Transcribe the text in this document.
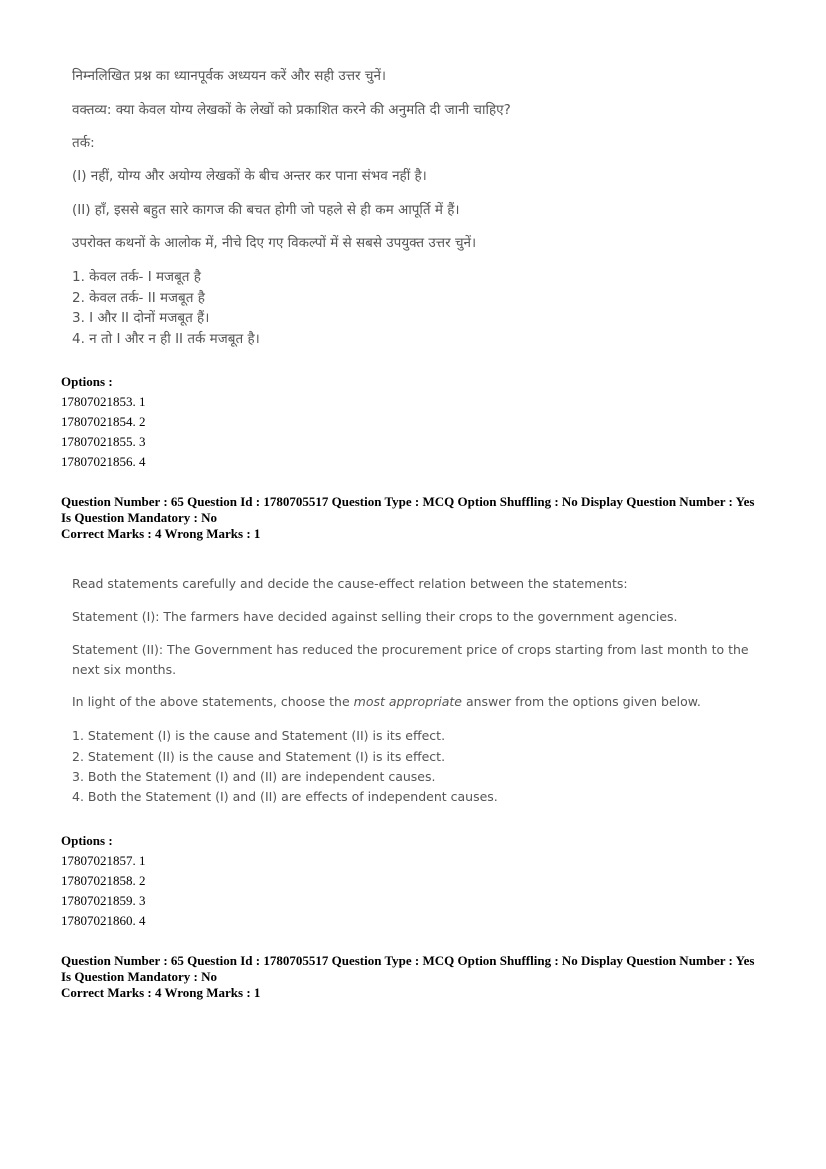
निम्नलिखित प्रश्न का ध्यानपूर्वक अध्ययन करें और सही उत्तर चुनें।
वक्तव्य: क्या केवल योग्य लेखकों के लेखों को प्रकाशित करने की अनुमति दी जानी चाहिए?
तर्क:
(I) नहीं, योग्य और अयोग्य लेखकों के बीच अन्तर कर पाना संभव नहीं है।
(II) हाँ, इससे बहुत सारे कागज की बचत होगी जो पहले से ही कम आपूर्ति में हैं।
उपरोक्त कथनों के आलोक में, नीचे दिए गए विकल्पों में से सबसे उपयुक्त उत्तर चुनें।
1. केवल तर्क- I मजबूत है
2. केवल तर्क- II मजबूत है
3. I और II दोनों मजबूत हैं।
4. न तो I और न ही II तर्क मजबूत है।
Options :
17807021853. 1
17807021854. 2
17807021855. 3
17807021856. 4
Question Number : 65 Question Id : 1780705517 Question Type : MCQ Option Shuffling : No Display Question Number : Yes
Is Question Mandatory : No
Correct Marks : 4 Wrong Marks : 1
Read statements carefully and decide the cause-effect relation between the statements:
Statement (I): The farmers have decided against selling their crops to the government agencies.
Statement (II): The Government has reduced the procurement price of crops starting from last month to the next six months.
In light of the above statements, choose the most appropriate answer from the options given below.
1. Statement (I) is the cause and Statement (II) is its effect.
2. Statement (II) is the cause and Statement (I) is its effect.
3. Both the Statement (I) and (II) are independent causes.
4. Both the Statement (I) and (II) are effects of independent causes.
Options :
17807021857. 1
17807021858. 2
17807021859. 3
17807021860. 4
Question Number : 65 Question Id : 1780705517 Question Type : MCQ Option Shuffling : No Display Question Number : Yes
Is Question Mandatory : No
Correct Marks : 4 Wrong Marks : 1
